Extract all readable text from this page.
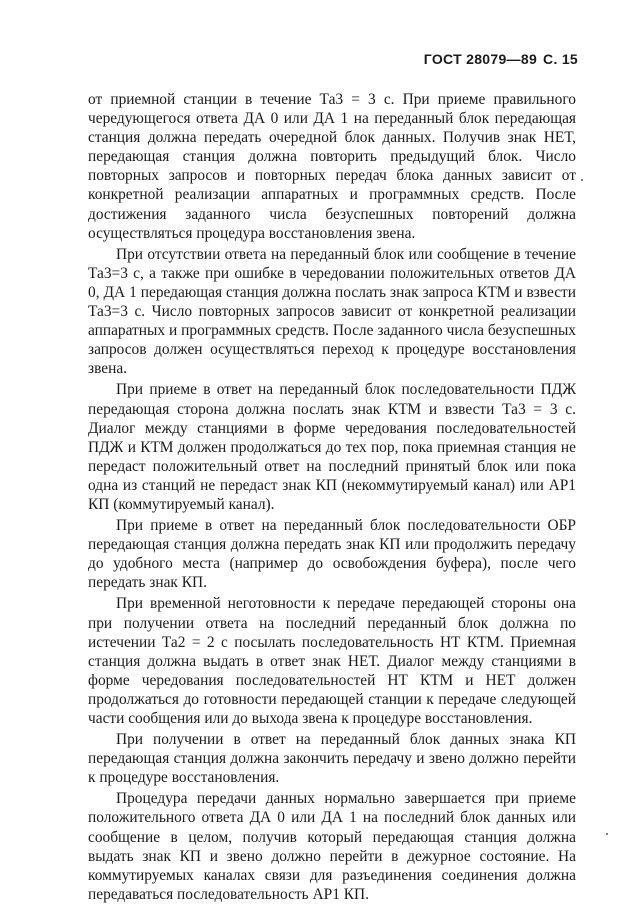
ГОСТ 28079—89 С. 15

от приемной станции в течение Та3 = 3 с. При приеме правильного чередующегося ответа ДА 0 или ДА 1 на переданный блок передающая станция должна передать очередной блок данных. Получив знак НЕТ, передающая станция должна повторить предыдущий блок. Число повторных запросов и повторных передач блока данных зависит от конкретной реализации аппаратных и программных средств. После достижения заданного числа безуспешных повторений должна осуществляться процедура восстановления звена.

При отсутствии ответа на переданный блок или сообщение в течение Та3=3 с, а также при ошибке в чередовании положительных ответов ДА 0, ДА 1 передающая станция должна послать знак запроса КТМ и взвести Та3=3 с. Число повторных запросов зависит от конкретной реализации аппаратных и программных средств. После заданного числа безуспешных запросов должен осуществляться переход к процедуре восстановления звена.

При приеме в ответ на переданный блок последовательности ПДЖ передающая сторона должна послать знак КТМ и взвести Та3 = 3 с. Диалог между станциями в форме чередования последовательностей ПДЖ и КТМ должен продолжаться до тех пор, пока приемная станция не передаст положительный ответ на последний принятый блок или пока одна из станций не передаст знак КП (некоммутируемый канал) или АР1 КП (коммутируемый канал).

При приеме в ответ на переданный блок последовательности ОБР передающая станция должна передать знак КП или продолжить передачу до удобного места (например до освобождения буфера), после чего передать знак КП.

При временной неготовности к передаче передающей стороны она при получении ответа на последний переданный блок должна по истечении Та2 = 2 с посылать последовательность НТ КТМ. Приемная станция должна выдать в ответ знак НЕТ. Диалог между станциями в форме чередования последовательностей НТ КТМ и НЕТ должен продолжаться до готовности передающей станции к передаче следующей части сообщения или до выхода звена к процедуре восстановления.

При получении в ответ на переданный блок данных знака КП передающая станция должна закончить передачу и звено должно перейти к процедуре восстановления.

Процедура передачи данных нормально завершается при приеме положительного ответа ДА 0 или ДА 1 на последний блок данных или сообщение в целом, получив который передающая станция должна выдать знак КП и звено должно перейти в дежурное состояние. На коммутируемых каналах связи для разъединения соединения должна передаваться последовательность АР1 КП.
